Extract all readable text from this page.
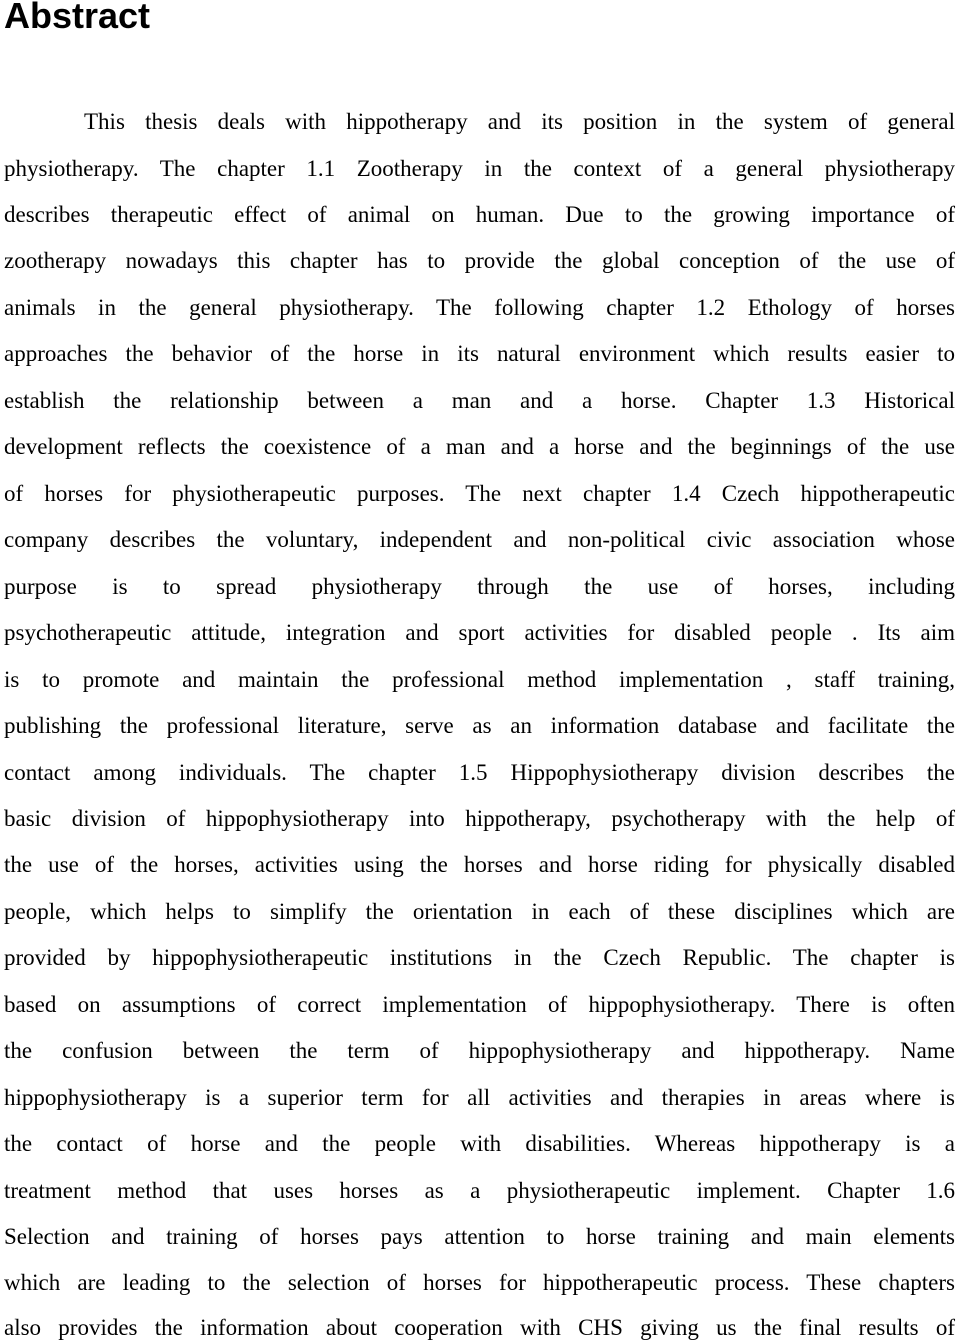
Abstract

This thesis deals with hippotherapy and its position in the system of general

physiotherapy. The chapter 1.1 Zootherapy in the context of a general physiotherapy

describes therapeutic effect of animal on human. Due to the growing importance of

zootherapy nowadays this chapter has to provide the global conception of the use of

animals in the general physiotherapy. The following chapter 1.2 Ethology of horses

approaches the behavior of the horse in its natural environment which results easier to

establish the relationship between a man and a horse. Chapter 1.3 Historical

development reflects the coexistence of a man and a horse and the beginnings of the use

of horses for physiotherapeutic purposes. The next chapter 1.4 Czech hippotherapeutic

company describes the voluntary, independent and non-political civic association whose

purpose is to spread physiotherapy through the use of horses, including

psychotherapeutic attitude, integration and sport activities for disabled people . Its aim

is to promote and maintain the professional method implementation , staff training,

publishing the professional literature, serve as an information database and facilitate the

contact among individuals. The chapter 1.5 Hippophysiotherapy division describes the

basic division of hippophysiotherapy into hippotherapy, psychotherapy with the help of

the use of the horses, activities using the horses and horse riding for physically disabled

people, which helps to simplify the orientation in each of these disciplines which are

provided by hippophysiotherapeutic institutions in the Czech Republic. The chapter is

based on assumptions of correct implementation of hippophysiotherapy. There is often

the confusion between the term of hippophysiotherapy and hippotherapy. Name

hippophysiotherapy is a superior term for all activities and therapies in areas where is

the contact of horse and the people with disabilities. Whereas hippotherapy is a

treatment method that uses horses as a physiotherapeutic implement. Chapter 1.6

Selection and training of horses pays attention to horse training and main elements

which are leading to the selection of horses for hippotherapeutic process. These chapters

also provides the information about cooperation with CHS giving us the final results of
